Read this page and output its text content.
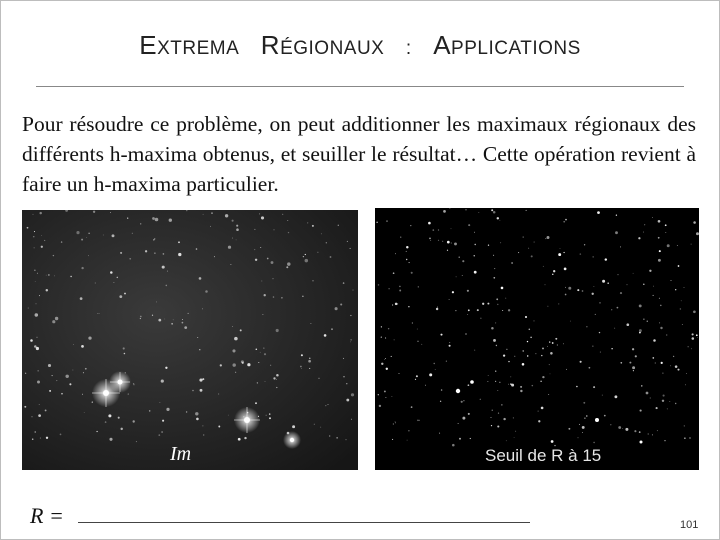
EXTREMA RÉGIONAUX : APPLICATIONS
Pour résoudre ce problème, on peut additionner les maximaux régionaux des différents h-maxima obtenus, et seuiller le résultat… Cette opération revient à faire un h-maxima particulier.
Im	Seuil de R à 15
R =	101
